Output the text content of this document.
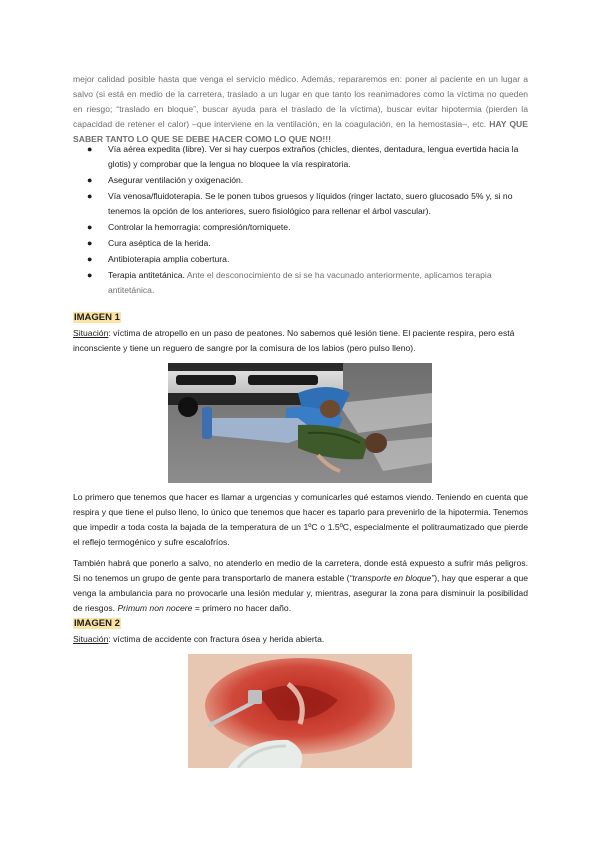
mejor calidad posible hasta que venga el servicio médico. Además, repararemos en: poner al paciente en un lugar a salvo (si está en medio de la carretera, traslado a un lugar en que tanto los reanimadores como la víctima no queden en riesgo; “traslado en bloque”, buscar ayuda para el traslado de la víctima), buscar evitar hipotermia (pierden la capacidad de retener el calor) –que interviene en la ventilación, en la coagulación, en la hemostasia–, etc. HAY QUE SABER TANTO LO QUE SE DEBE HACER COMO LO QUE NO!!!
● Vía aérea expedita (libre). Ver si hay cuerpos extraños (chicles, dientes, dentadura, lengua evertida hacia la glotis) y comprobar que la lengua no bloquee la vía respiratoria.
● Asegurar ventilación y oxigenación.
● Vía venosa/fluidoterapia. Se le ponen tubos gruesos y líquidos (ringer lactato, suero glucosado 5% y, si no tenemos la opción de los anteriores, suero fisiológico para rellenar el árbol vascular).
● Controlar la hemorragia: compresión/torniquete.
● Cura aséptica de la herida.
● Antibioterapia amplia cobertura.
● Terapia antitetánica. Ante el desconocimiento de si se ha vacunado anteriormente, aplicamos terapia antitetánica.
IMAGEN 1
Situación: víctima de atropello en un paso de peatones. No sabemos qué lesión tiene. El paciente respira, pero está inconsciente y tiene un reguero de sangre por la comisura de los labios (pero pulso lleno).
Lo primero que tenemos que hacer es llamar a urgencias y comunicarles qué estamos viendo. Teniendo en cuenta que respira y que tiene el pulso lleno, lo único que tenemos que hacer es taparlo para prevenirlo de la hipotermia. Tenemos que impedir a toda costa la bajada de la temperatura de un 1ºC o 1.5ºC, especialmente el politraumatizado que pierde el reflejo termogénico y sufre escalofríos.
También habrá que ponerlo a salvo, no atenderlo en medio de la carretera, donde está expuesto a sufrir más peligros. Si no tenemos un grupo de gente para transportarlo de manera estable (“transporte en bloque”), hay que esperar a que venga la ambulancia para no provocarle una lesión medular y, mientras, asegurar la zona para disminuir la posibilidad de riesgos. Primum non nocere = primero no hacer daño.
IMAGEN 2
Situación: víctima de accidente con fractura ósea y herida abierta.
